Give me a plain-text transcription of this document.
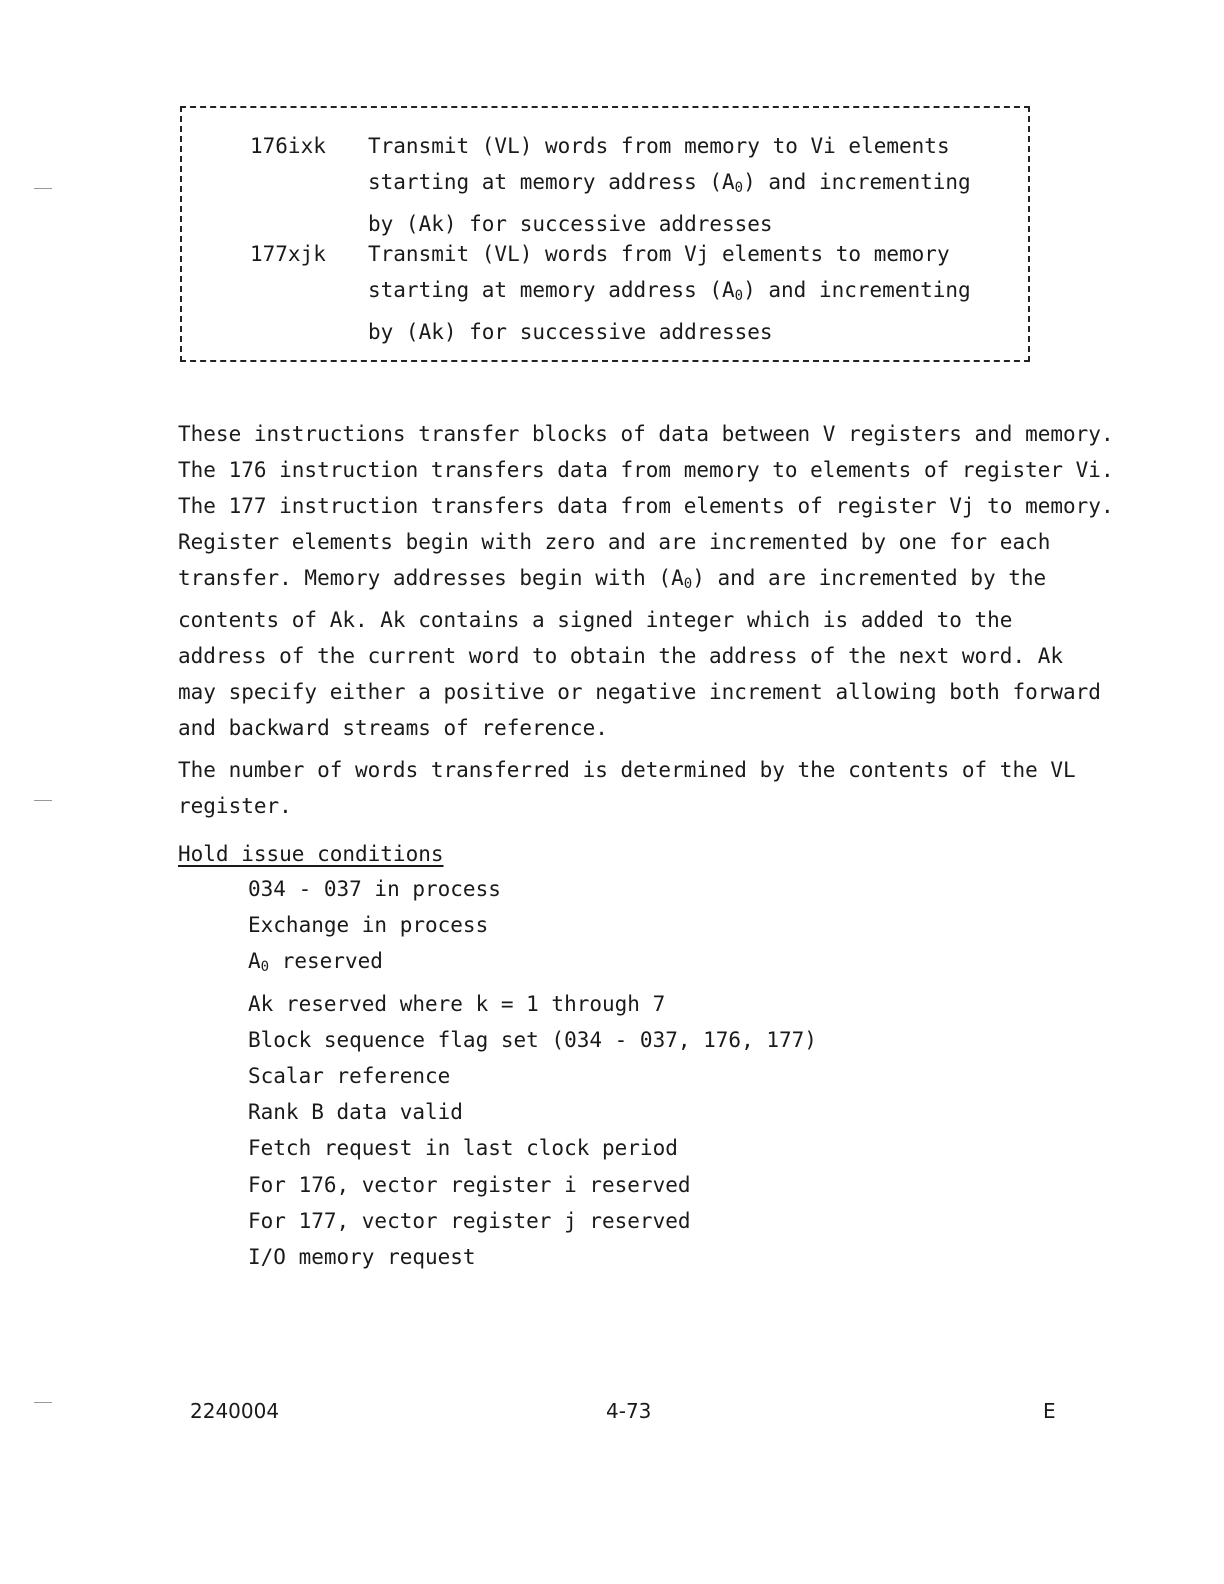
176ixk	Transmit (VL) words from memory to Vi elements
starting at memory address $(A_0)$ and incrementing
by (Ak) for successive addresses
177xjk	Transmit (VL) words from Vj elements to memory
starting at memory address $(A_0)$ and incrementing
by (Ak) for successive addresses
These instructions transfer blocks of data between V registers and memory.
The 176 instruction transfers data from memory to elements of register Vi.
The 177 instruction transfers data from elements of register Vj to memory.
Register elements begin with zero and are incremented by one for each
transfer. Memory addresses begin with $(A_0)$ and are incremented by the
contents of Ak. Ak contains a signed integer which is added to the
address of the current word to obtain the address of the next word. Ak
may specify either a positive or negative increment allowing both forward
and backward streams of reference.
The number of words transferred is determined by the contents of the VL
register.
Hold issue conditions
034 - 037 in process
Exchange in process
$A_0$ reserved
Ak reserved where k = 1 through 7
Block sequence flag set (034 - 037, 176, 177)
Scalar reference
Rank B data valid
Fetch request in last clock period
For 176, vector register i reserved
For 177, vector register j reserved
I/O memory request
2240004	4-73	E
